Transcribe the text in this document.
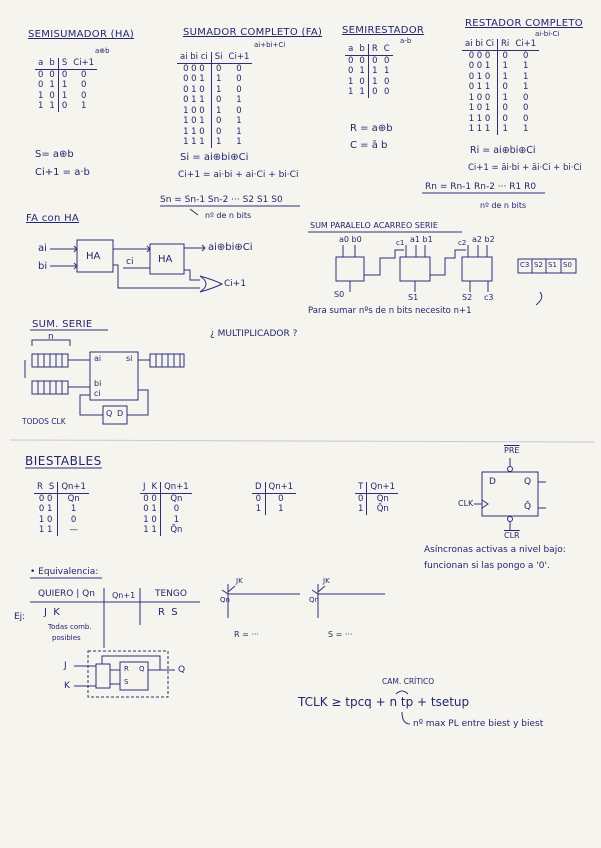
SEMISUMADOR (HA)
a⊕b
a	b	S	Ci+1
0	0	0	0
0	1	1	0
1	0	1	0
1	1	0	1
S= a⊕b
Ci+1 = a·b
SUMADOR COMPLETO (FA)
ai+bi+Ci
ai bi ci	Si	Ci+1
0 0 0	0	0
0 0 1	1	0
0 1 0	1	0
0 1 1	0	1
1 0 0	1	0
1 0 1	0	1
1 1 0	0	1
1 1 1	1	1
Si = ai⊕bi⊕Ci
Ci+1 = ai·bi + ai·Ci + bi·Ci
Sn = Sn-1 Sn-2 ··· S2 S1 S0
nº de n bits
SEMIRESTADOR
a-b
a	b	R	C
0	0	0	0
0	1	1	1
1	0	1	0
1	1	0	0
R = a⊕b
C = ā b
RESTADOR COMPLETO
ai-bi-Ci
ai bi Ci	Ri	Ci+1
0 0 0	0	0
0 0 1	1	1
0 1 0	1	1
0 1 1	0	1
1 0 0	1	0
1 0 1	0	0
1 1 0	0	0
1 1 1	1	1
Ri = ai⊕bi⊕Ci
Ci+1 = āi·bi + āi·Ci + bi·Ci
Rn = Rn-1 Rn-2 ··· R1 R0
nº de n bits
FA con HA
ai
bi
HA	HA
ci
ai⊕bi⊕Ci
Ci+1
SUM PARALELO ACARREO SERIE
a0 b0	c1 a1 b1	c2 a2 b2
S0	S1	S2 c3
Para sumar nºs de n bits necesito n+1
C3 S2 S1 S0
SUM. SERIE
n
ai	si
bi
ci
Q D
TODOS CLK
¿ MULTIPLICADOR ?
BIESTABLES
R	S	Qn+1
0 0		Qn
0 1		1
1 0		0
1 1		—
J	K	Qn+1
0 0		Qn
0 1		0
1 0		1
1 1		Q̄n
D	Qn+1
0	0
1	1
T	Qn+1
0	Qn
1	Q̄n
$\overline{PRE}$
D	Q
Q̄
CLK
$\overline{CLR}$
Asíncronas activas a nivel bajo:
funcionan si las pongo a '0'.
• Equivalencia:
QUIERO | Qn Qn+1 TENGO
Ej: J  K	R  S
Todas comb.
posibles
J
K
R
S
Q	Q
JK
Qn
JK
Qn
R = ···	S = ···
CAM. CRÍTICO
TCLK ≥ tpcq + n tp + tsetup
nº max PL entre biest y biest
